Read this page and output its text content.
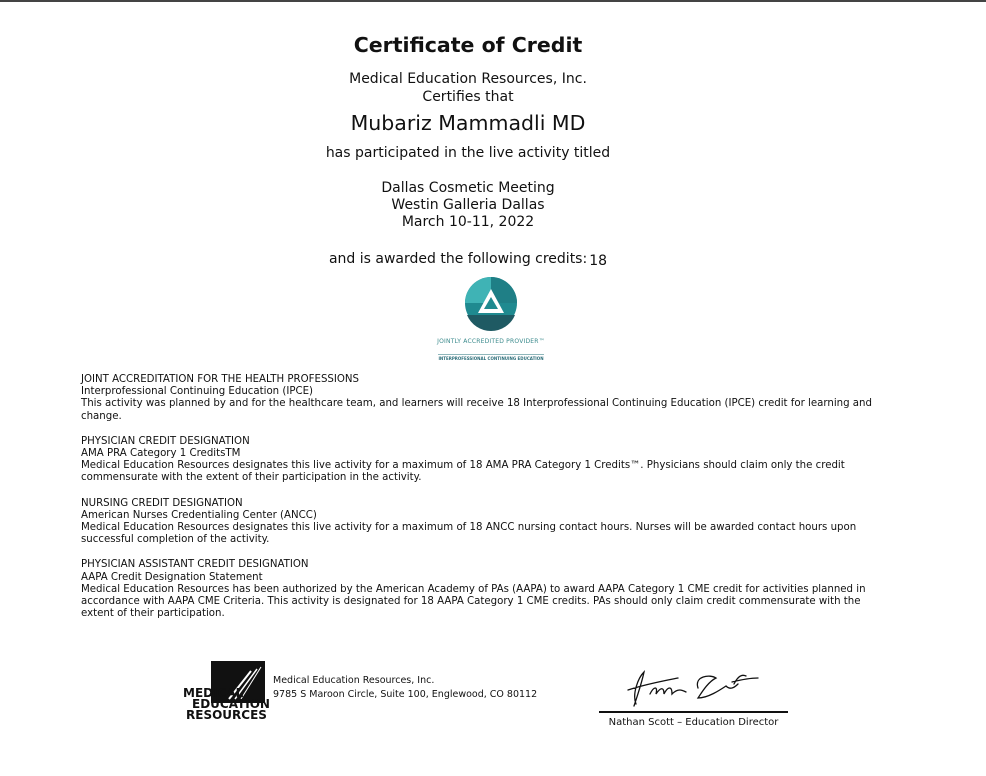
Certificate of Credit
Medical Education Resources, Inc.
Certifies that
Mubariz Mammadli MD
has participated in the live activity titled
Dallas Cosmetic Meeting
Westin Galleria Dallas
March 10-11, 2022
and is awarded the following credits: 18
JOINTLY ACCREDITED PROVIDER™
INTERPROFESSIONAL CONTINUING EDUCATION
JOINT ACCREDITATION FOR THE HEALTH PROFESSIONS
Interprofessional Continuing Education (IPCE)
This activity was planned by and for the healthcare team, and learners will receive 18 Interprofessional Continuing Education (IPCE) credit for learning and change.
PHYSICIAN CREDIT DESIGNATION
AMA PRA Category 1 CreditsTM
Medical Education Resources designates this live activity for a maximum of 18 AMA PRA Category 1 Credits™. Physicians should claim only the credit commensurate with the extent of their participation in the activity.
NURSING CREDIT DESIGNATION
American Nurses Credentialing Center (ANCC)
Medical Education Resources designates this live activity for a maximum of 18 ANCC nursing contact hours. Nurses will be awarded contact hours upon successful completion of the activity.
PHYSICIAN ASSISTANT CREDIT DESIGNATION
AAPA Credit Designation Statement
Medical Education Resources has been authorized by the American Academy of PAs (AAPA) to award AAPA Category 1 CME credit for activities planned in accordance with AAPA CME Criteria. This activity is designated for 18 AAPA Category 1 CME credits. PAs should only claim credit commensurate with the extent of their participation.
MEDICAL
EDUCATION
RESOURCES
Medical Education Resources, Inc.
9785 S Maroon Circle, Suite 100, Englewood, CO 80112
Nathan Scott – Education Director
